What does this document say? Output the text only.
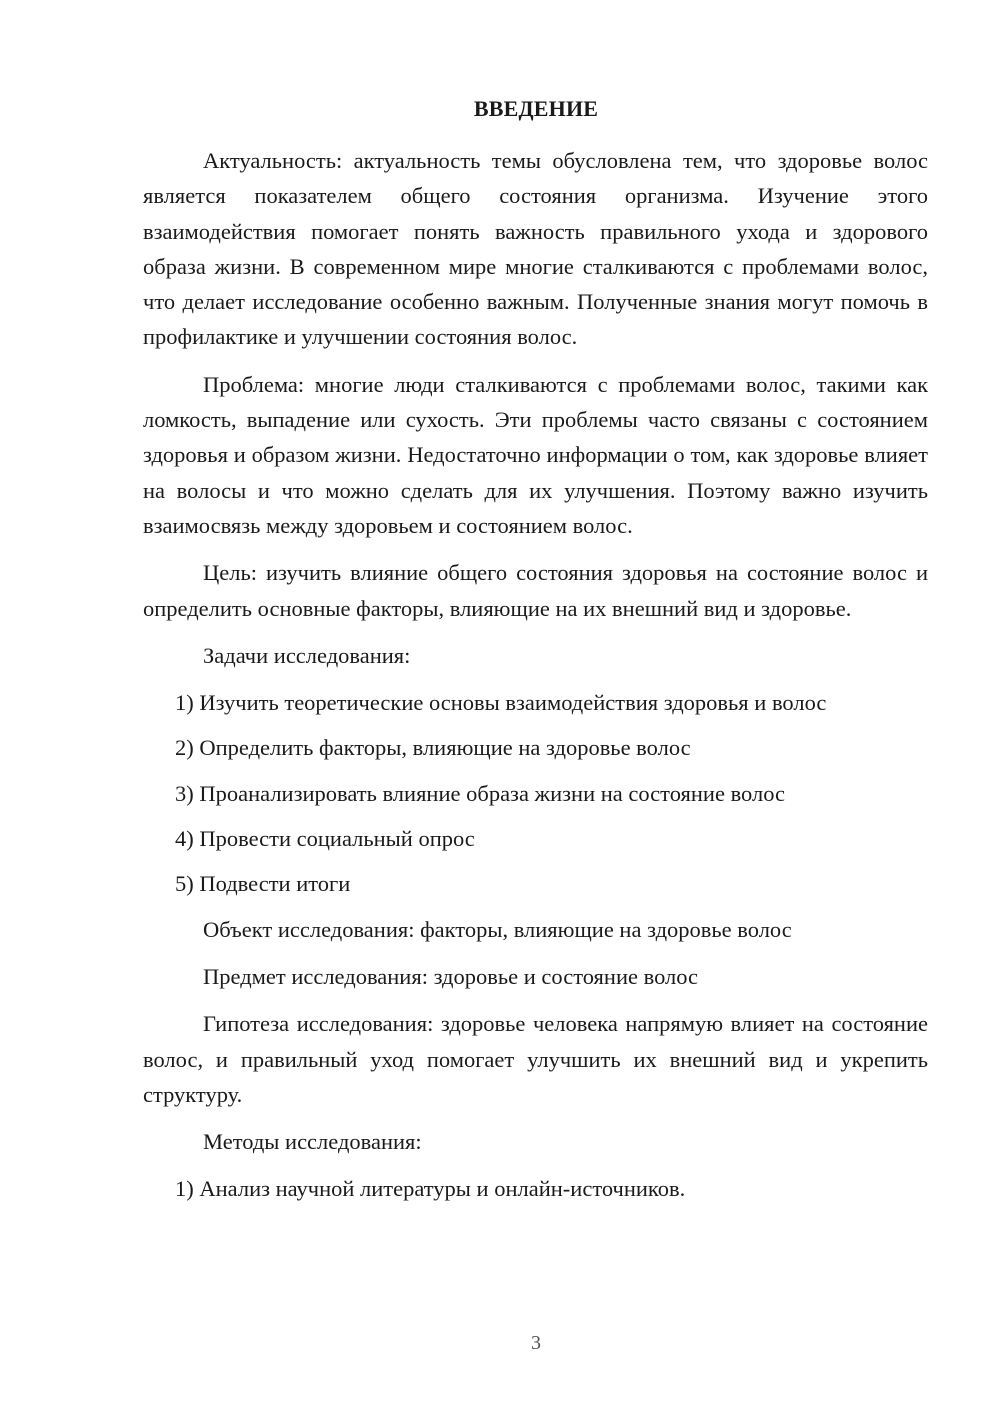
ВВЕДЕНИЕ

Актуальность: актуальность темы обусловлена тем, что здоровье волос является показателем общего состояния организма. Изучение этого взаимодействия помогает понять важность правильного ухода и здорового образа жизни. В современном мире многие сталкиваются с проблемами волос, что делает исследование особенно важным. Полученные знания могут помочь в профилактике и улучшении состояния волос.

Проблема: многие люди сталкиваются с проблемами волос, такими как ломкость, выпадение или сухость. Эти проблемы часто связаны с состоянием здоровья и образом жизни. Недостаточно информации о том, как здоровье влияет на волосы и что можно сделать для их улучшения. Поэтому важно изучить взаимосвязь между здоровьем и состоянием волос.

Цель: изучить влияние общего состояния здоровья на состояние волос и определить основные факторы, влияющие на их внешний вид и здоровье.

Задачи исследования:

1) Изучить теоретические основы взаимодействия здоровья и волос

2) Определить факторы, влияющие на здоровье волос

3) Проанализировать влияние образа жизни на состояние волос

4) Провести социальный опрос

5) Подвести итоги

Объект исследования: факторы, влияющие на здоровье волос

Предмет исследования: здоровье и состояние волос

Гипотеза исследования: здоровье человека напрямую влияет на состояние волос, и правильный уход помогает улучшить их внешний вид и укрепить структуру.

Методы исследования:

1) Анализ научной литературы и онлайн-источников.

3
